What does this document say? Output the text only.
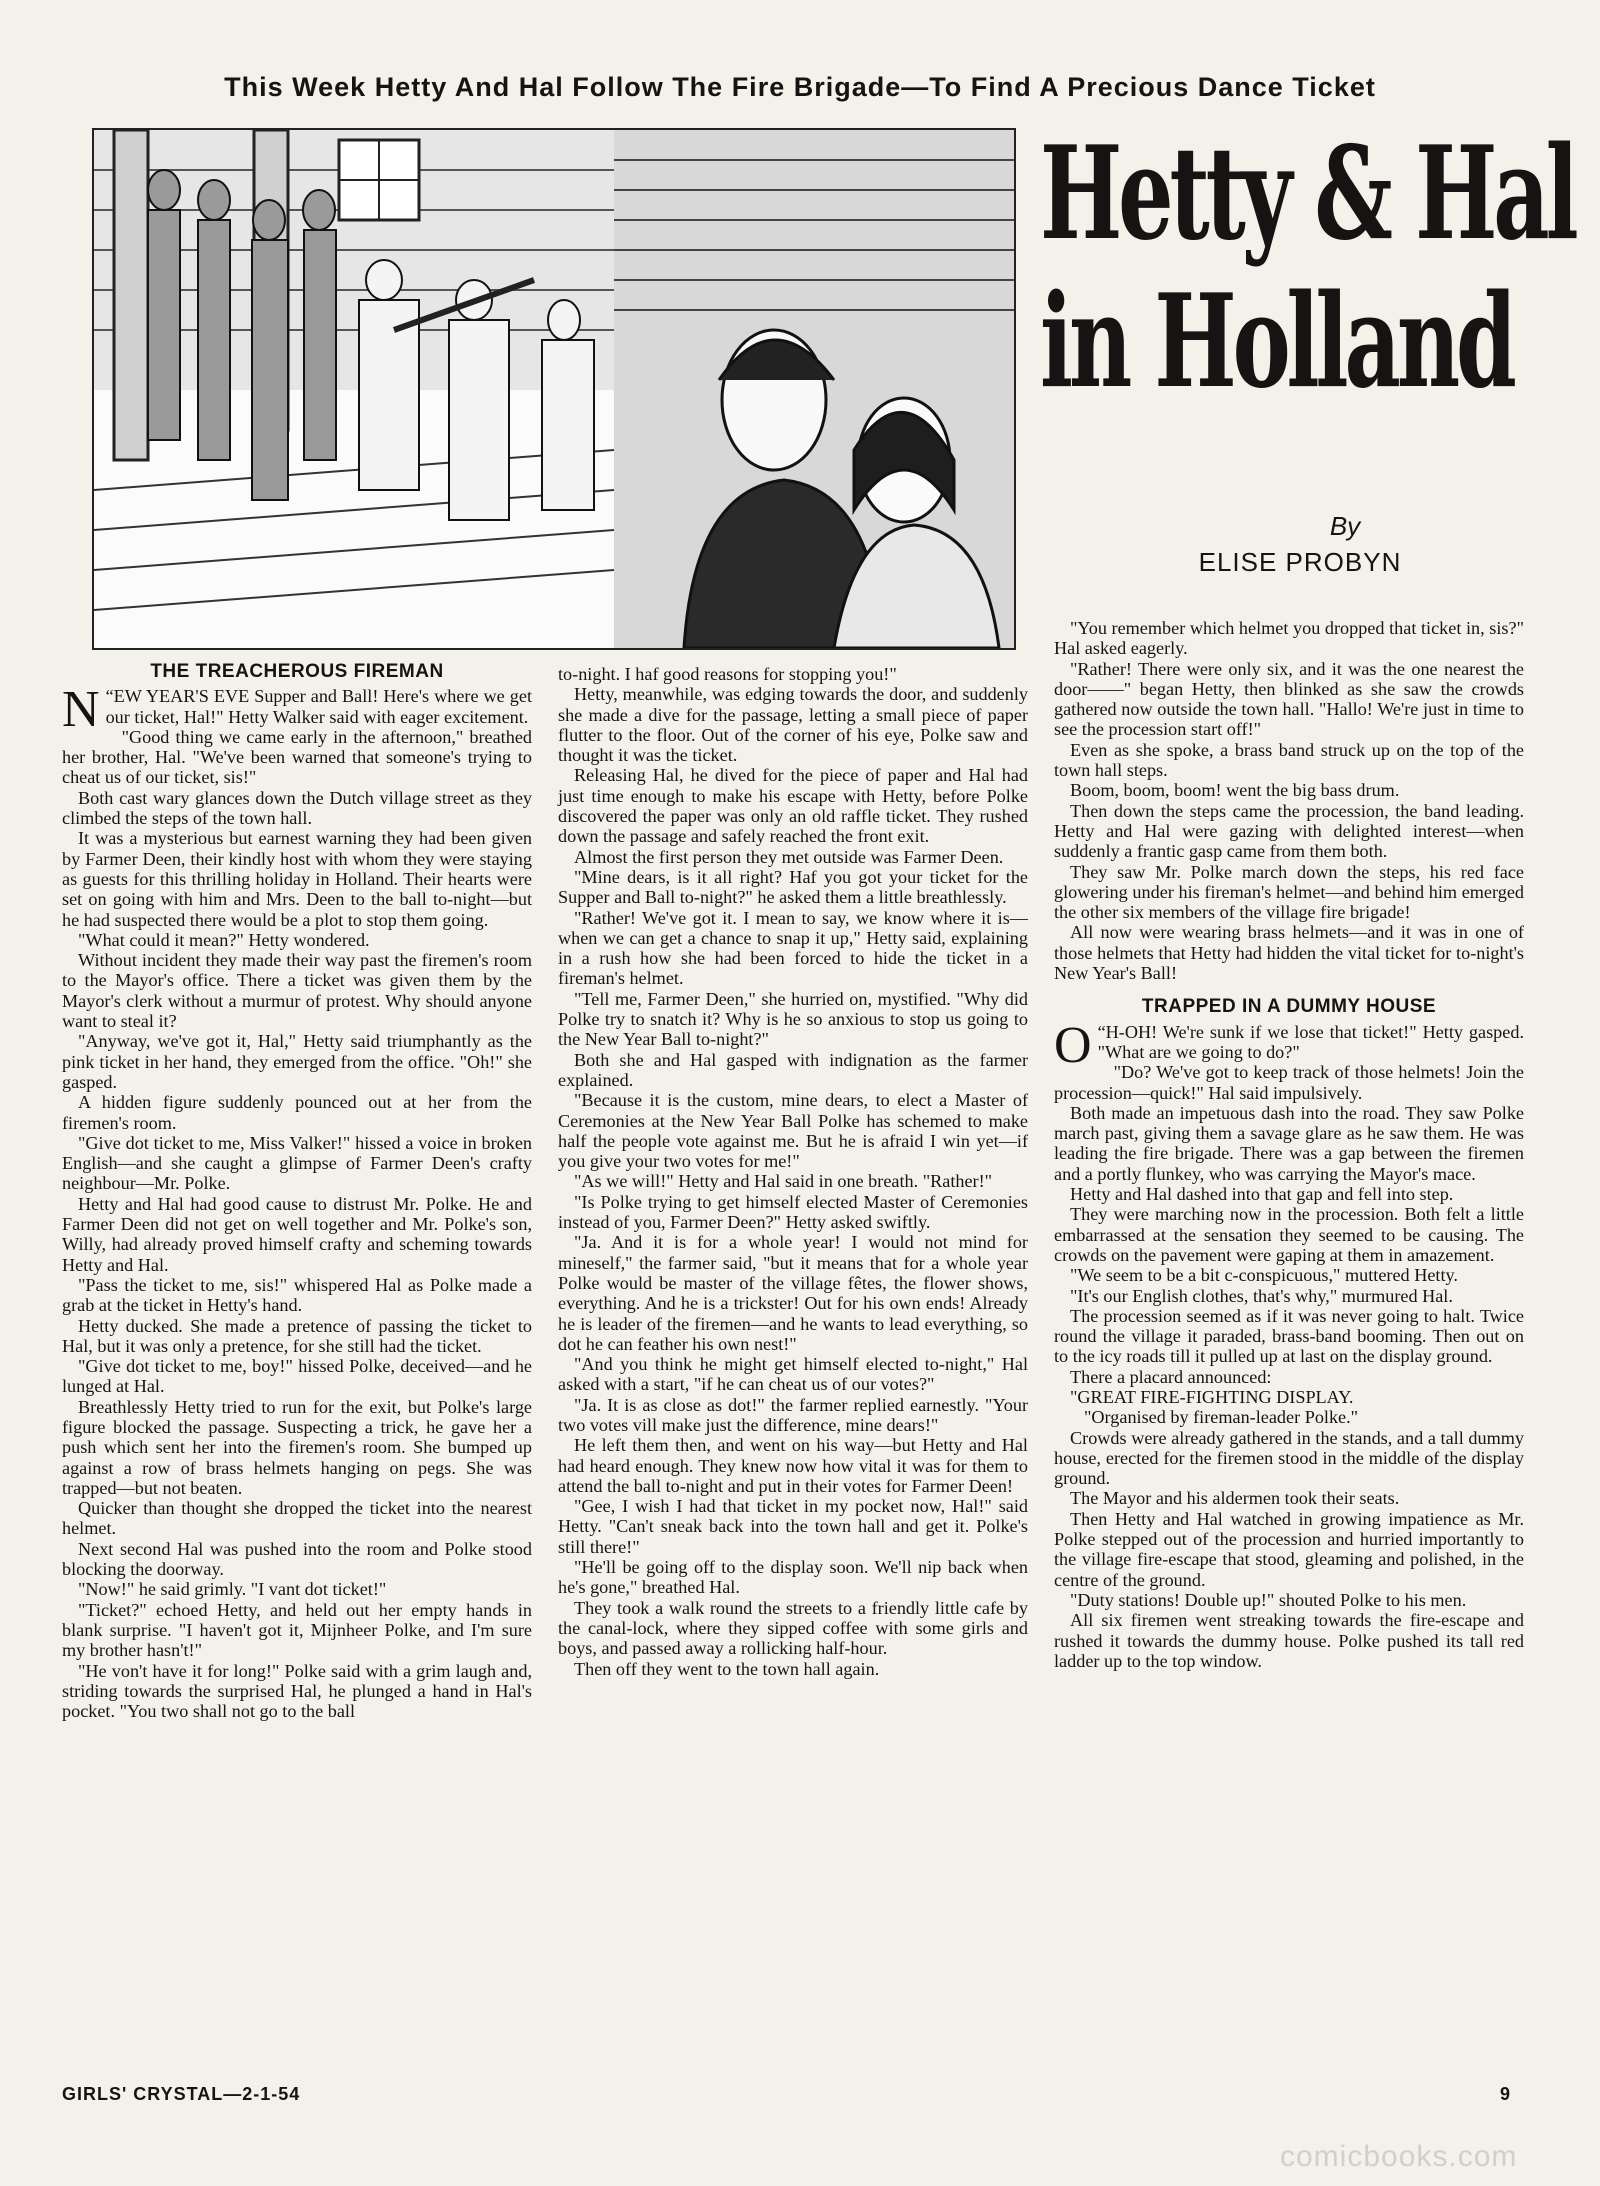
This Week Hetty And Hal Follow The Fire Brigade—To Find A Precious Dance Ticket
Hetty & Hal
in Holland
By
ELISE PROBYN
THE TREACHEROUS FIREMAN

“
N EW YEAR'S EVE Supper and Ball! Here's where we get our ticket, Hal!" Hetty Walker said with eager excitement.

"Good thing we came early in the afternoon," breathed her brother, Hal. "We've been warned that someone's trying to cheat us of our ticket, sis!"

Both cast wary glances down the Dutch village street as they climbed the steps of the town hall.

It was a mysterious but earnest warning they had been given by Farmer Deen, their kindly host with whom they were staying as guests for this thrilling holiday in Holland. Their hearts were set on going with him and Mrs. Deen to the ball to-night—but he had suspected there would be a plot to stop them going.

"What could it mean?" Hetty wondered.

Without incident they made their way past the firemen's room to the Mayor's office. There a ticket was given them by the Mayor's clerk without a murmur of protest. Why should anyone want to steal it?

"Anyway, we've got it, Hal," Hetty said triumphantly as the pink ticket in her hand, they emerged from the office. "Oh!" she gasped.

A hidden figure suddenly pounced out at her from the firemen's room.

"Give dot ticket to me, Miss Valker!" hissed a voice in broken English—and she caught a glimpse of Farmer Deen's crafty neighbour—Mr. Polke.

Hetty and Hal had good cause to distrust Mr. Polke. He and Farmer Deen did not get on well together and Mr. Polke's son, Willy, had already proved himself crafty and scheming towards Hetty and Hal.

"Pass the ticket to me, sis!" whispered Hal as Polke made a grab at the ticket in Hetty's hand.

Hetty ducked. She made a pretence of passing the ticket to Hal, but it was only a pretence, for she still had the ticket.

"Give dot ticket to me, boy!" hissed Polke, deceived—and he lunged at Hal.

Breathlessly Hetty tried to run for the exit, but Polke's large figure blocked the passage. Suspecting a trick, he gave her a push which sent her into the firemen's room. She bumped up against a row of brass helmets hanging on pegs. She was trapped—but not beaten.

Quicker than thought she dropped the ticket into the nearest helmet.

Next second Hal was pushed into the room and Polke stood blocking the doorway.

"Now!" he said grimly. "I vant dot ticket!"

"Ticket?" echoed Hetty, and held out her empty hands in blank surprise. "I haven't got it, Mijnheer Polke, and I'm sure my brother hasn't!"

"He von't have it for long!" Polke said with a grim laugh and, striding towards the surprised Hal, he plunged a hand in Hal's pocket. "You two shall not go to the ball

to-night. I haf good reasons for stopping you!"

Hetty, meanwhile, was edging towards the door, and suddenly she made a dive for the passage, letting a small piece of paper flutter to the floor. Out of the corner of his eye, Polke saw and thought it was the ticket.

Releasing Hal, he dived for the piece of paper and Hal had just time enough to make his escape with Hetty, before Polke discovered the paper was only an old raffle ticket. They rushed down the passage and safely reached the front exit.

Almost the first person they met outside was Farmer Deen.

"Mine dears, is it all right? Haf you got your ticket for the Supper and Ball to-night?" he asked them a little breathlessly.

"Rather! We've got it. I mean to say, we know where it is—when we can get a chance to snap it up," Hetty said, explaining in a rush how she had been forced to hide the ticket in a fireman's helmet.

"Tell me, Farmer Deen," she hurried on, mystified. "Why did Polke try to snatch it? Why is he so anxious to stop us going to the New Year Ball to-night?"

Both she and Hal gasped with indignation as the farmer explained.

"Because it is the custom, mine dears, to elect a Master of Ceremonies at the New Year Ball Polke has schemed to make half the people vote against me. But he is afraid I win yet—if you give your two votes for me!"

"As we will!" Hetty and Hal said in one breath. "Rather!"

"Is Polke trying to get himself elected Master of Ceremonies instead of you, Farmer Deen?" Hetty asked swiftly.

"Ja. And it is for a whole year! I would not mind for mineself," the farmer said, "but it means that for a whole year Polke would be master of the village fêtes, the flower shows, everything. And he is a trickster! Out for his own ends! Already he is leader of the firemen—and he wants to lead everything, so dot he can feather his own nest!"

"And you think he might get himself elected to-night," Hal asked with a start, "if he can cheat us of our votes?"

"Ja. It is as close as dot!" the farmer replied earnestly. "Your two votes vill make just the difference, mine dears!"

He left them then, and went on his way—but Hetty and Hal had heard enough. They knew now how vital it was for them to attend the ball to-night and put in their votes for Farmer Deen!

"Gee, I wish I had that ticket in my pocket now, Hal!" said Hetty. "Can't sneak back into the town hall and get it. Polke's still there!"

"He'll be going off to the display soon. We'll nip back when he's gone," breathed Hal.

They took a walk round the streets to a friendly little cafe by the canal-lock, where they sipped coffee with some girls and boys, and passed away a rollicking half-hour.

Then off they went to the town hall again.

"You remember which helmet you dropped that ticket in, sis?" Hal asked eagerly.

"Rather! There were only six, and it was the one nearest the door——" began Hetty, then blinked as she saw the crowds gathered now outside the town hall. "Hallo! We're just in time to see the procession start off!"

Even as she spoke, a brass band struck up on the top of the town hall steps.

Boom, boom, boom! went the big bass drum.

Then down the steps came the procession, the band leading. Hetty and Hal were gazing with delighted interest—when suddenly a frantic gasp came from them both.

They saw Mr. Polke march down the steps, his red face glowering under his fireman's helmet—and behind him emerged the other six members of the village fire brigade!

All now were wearing brass helmets—and it was in one of those helmets that Hetty had hidden the vital ticket for to-night's New Year's Ball!

TRAPPED IN A DUMMY HOUSE

“
O H-OH! We're sunk if we lose that ticket!" Hetty gasped. "What are we going to do?"

"Do? We've got to keep track of those helmets! Join the procession—quick!" Hal said impulsively.

Both made an impetuous dash into the road. They saw Polke march past, giving them a savage glare as he saw them. He was leading the fire brigade. There was a gap between the firemen and a portly flunkey, who was carrying the Mayor's mace.

Hetty and Hal dashed into that gap and fell into step.

They were marching now in the procession. Both felt a little embarrassed at the sensation they seemed to be causing. The crowds on the pavement were gaping at them in amazement.

"We seem to be a bit c-conspicuous," muttered Hetty.

"It's our English clothes, that's why," murmured Hal.

The procession seemed as if it was never going to halt. Twice round the village it paraded, brass-band booming. Then out on to the icy roads till it pulled up at last on the display ground.

There a placard announced:

"GREAT FIRE-FIGHTING DISPLAY.

"Organised by fireman-leader Polke."

Crowds were already gathered in the stands, and a tall dummy house, erected for the firemen stood in the middle of the display ground.

The Mayor and his aldermen took their seats.

Then Hetty and Hal watched in growing impatience as Mr. Polke stepped out of the procession and hurried importantly to the village fire-escape that stood, gleaming and polished, in the centre of the ground.

"Duty stations! Double up!" shouted Polke to his men.

All six firemen went streaking towards the fire-escape and rushed it towards the dummy house. Polke pushed its tall red ladder up to the top window.

GIRLS' CRYSTAL—2-1-54	9
comicbooks.com
